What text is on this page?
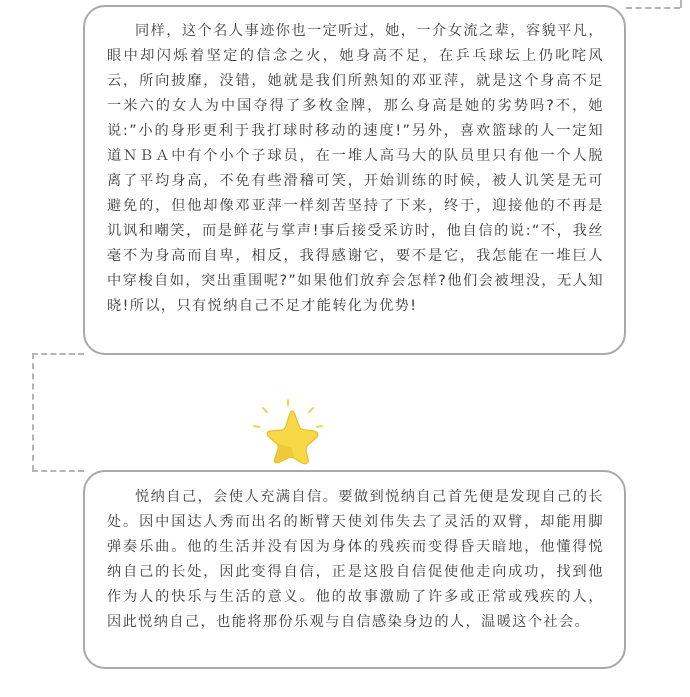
同样，这个名人事迹你也一定听过，她，一介女流之辈，容貌平凡，眼中却闪烁着坚定的信念之火，她身高不足，在乒乓球坛上仍叱咤风云，所向披靡，没错，她就是我们所熟知的邓亚萍，就是这个身高不足一米六的女人为中国夺得了多枚金牌，那么身高是她的劣势吗?不，她说:”小的身形更利于我打球时移动的速度!”另外，喜欢篮球的人一定知道ＮＢＡ中有个小个子球员，在一堆人高马大的队员里只有他一个人脱离了平均身高，不免有些滑稽可笑，开始训练的时候，被人讥笑是无可避免的，但他却像邓亚萍一样刻苦坚持了下来，终于，迎接他的不再是讥讽和嘲笑，而是鲜花与掌声!事后接受采访时，他自信的说:“不，我丝毫不为身高而自卑，相反，我得感谢它，要不是它，我怎能在一堆巨人中穿梭自如，突出重围呢?”如果他们放弃会怎样?他们会被埋没，无人知晓!所以，只有悦纳自己不足才能转化为优势!

悦纳自己，会使人充满自信。要做到悦纳自己首先便是发现自己的长处。因中国达人秀而出名的断臂天使刘伟失去了灵活的双臂，却能用脚弹奏乐曲。他的生活并没有因为身体的残疾而变得昏天暗地，他懂得悦纳自己的长处，因此变得自信，正是这股自信促使他走向成功，找到他作为人的快乐与生活的意义。他的故事激励了许多或正常或残疾的人，因此悦纳自己，也能将那份乐观与自信感染身边的人，温暖这个社会。
